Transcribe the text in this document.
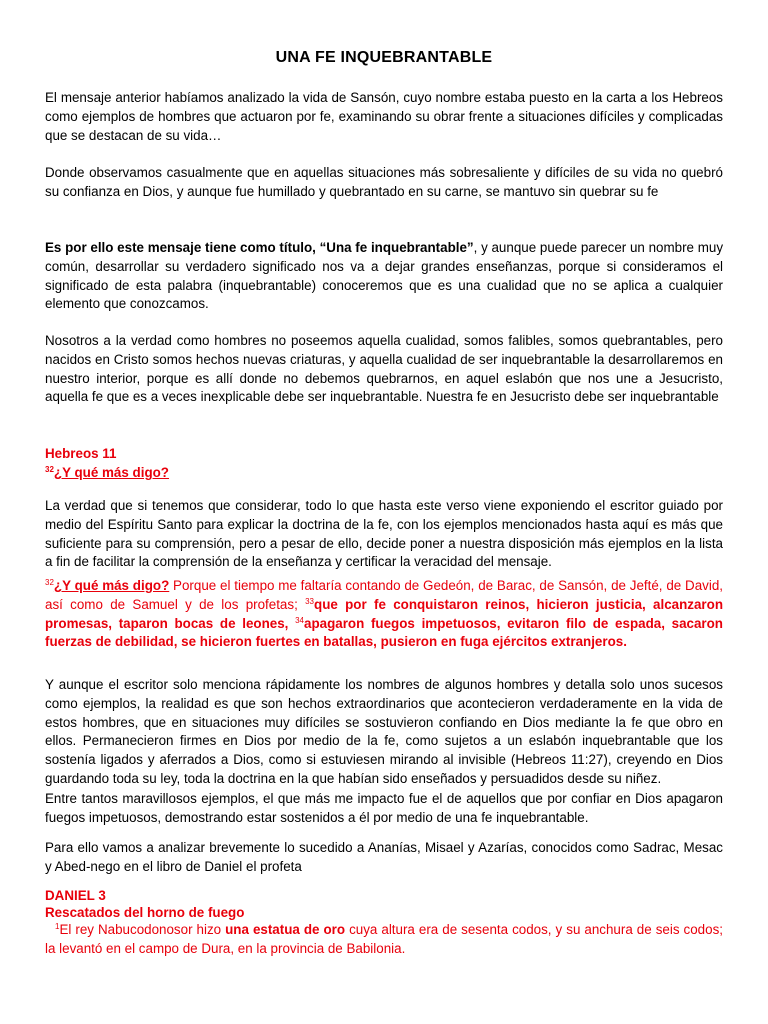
UNA FE INQUEBRANTABLE
El mensaje anterior habíamos analizado la vida de Sansón, cuyo nombre estaba puesto en la carta a los Hebreos como ejemplos de hombres que actuaron por fe, examinando su obrar frente a situaciones difíciles y complicadas que se destacan de su vida…
Donde observamos casualmente que en aquellas situaciones más sobresaliente y difíciles de su vida no quebró su confianza en Dios, y aunque fue humillado y quebrantado en su carne, se mantuvo sin quebrar su fe
Es por ello este mensaje tiene como título, “Una fe inquebrantable”, y aunque puede parecer un nombre muy común, desarrollar su verdadero significado nos va a dejar grandes enseñanzas, porque si consideramos el significado de esta palabra (inquebrantable) conoceremos que es una cualidad que no se aplica a cualquier elemento que conozcamos.
Nosotros a la verdad como hombres no poseemos aquella cualidad, somos falibles, somos quebrantables, pero nacidos en Cristo somos hechos nuevas criaturas, y aquella cualidad de ser inquebrantable la desarrollaremos en nuestro interior, porque es allí donde no debemos quebrarnos, en aquel eslabón que nos une a Jesucristo, aquella fe que es a veces inexplicable debe ser inquebrantable. Nuestra fe en Jesucristo debe ser inquebrantable
Hebreos 11
$^{32}$¿Y qué más digo?
La verdad que si tenemos que considerar, todo lo que hasta este verso viene exponiendo el escritor guiado por medio del Espíritu Santo para explicar la doctrina de la fe, con los ejemplos mencionados hasta aquí es más que suficiente para su comprensión, pero a pesar de ello, decide poner a nuestra disposición más ejemplos en la lista a fin de facilitar la comprensión de la enseñanza y certificar la veracidad del mensaje.
$^{32}$¿Y qué más digo? Porque el tiempo me faltaría contando de Gedeón, de Barac, de Sansón, de Jefté, de David, así como de Samuel y de los profetas; $^{33}$que por fe conquistaron reinos, hicieron justicia, alcanzaron promesas, taparon bocas de leones, $^{34}$apagaron fuegos impetuosos, evitaron filo de espada, sacaron fuerzas de debilidad, se hicieron fuertes en batallas, pusieron en fuga ejércitos extranjeros.
Y aunque el escritor solo menciona rápidamente los nombres de algunos hombres y detalla solo unos sucesos como ejemplos, la realidad es que son hechos extraordinarios que acontecieron verdaderamente en la vida de estos hombres, que en situaciones muy difíciles se sostuvieron confiando en Dios mediante la fe que obro en ellos. Permanecieron firmes en Dios por medio de la fe, como sujetos a un eslabón inquebrantable que los sostenía ligados y aferrados a Dios, como si estuviesen mirando al invisible (Hebreos 11:27), creyendo en Dios guardando toda su ley, toda la doctrina en la que habían sido enseñados y persuadidos desde su niñez.
Entre tantos maravillosos ejemplos, el que más me impacto fue el de aquellos que por confiar en Dios apagaron fuegos impetuosos, demostrando estar sostenidos a él por medio de una fe inquebrantable.
Para ello vamos a analizar brevemente lo sucedido a Ananías, Misael y Azarías, conocidos como Sadrac, Mesac y Abed-nego en el libro de Daniel el profeta
DANIEL 3
Rescatados del horno de fuego
$^1$El rey Nabucodonosor hizo una estatua de oro cuya altura era de sesenta codos, y su anchura de seis codos; la levantó en el campo de Dura, en la provincia de Babilonia.
